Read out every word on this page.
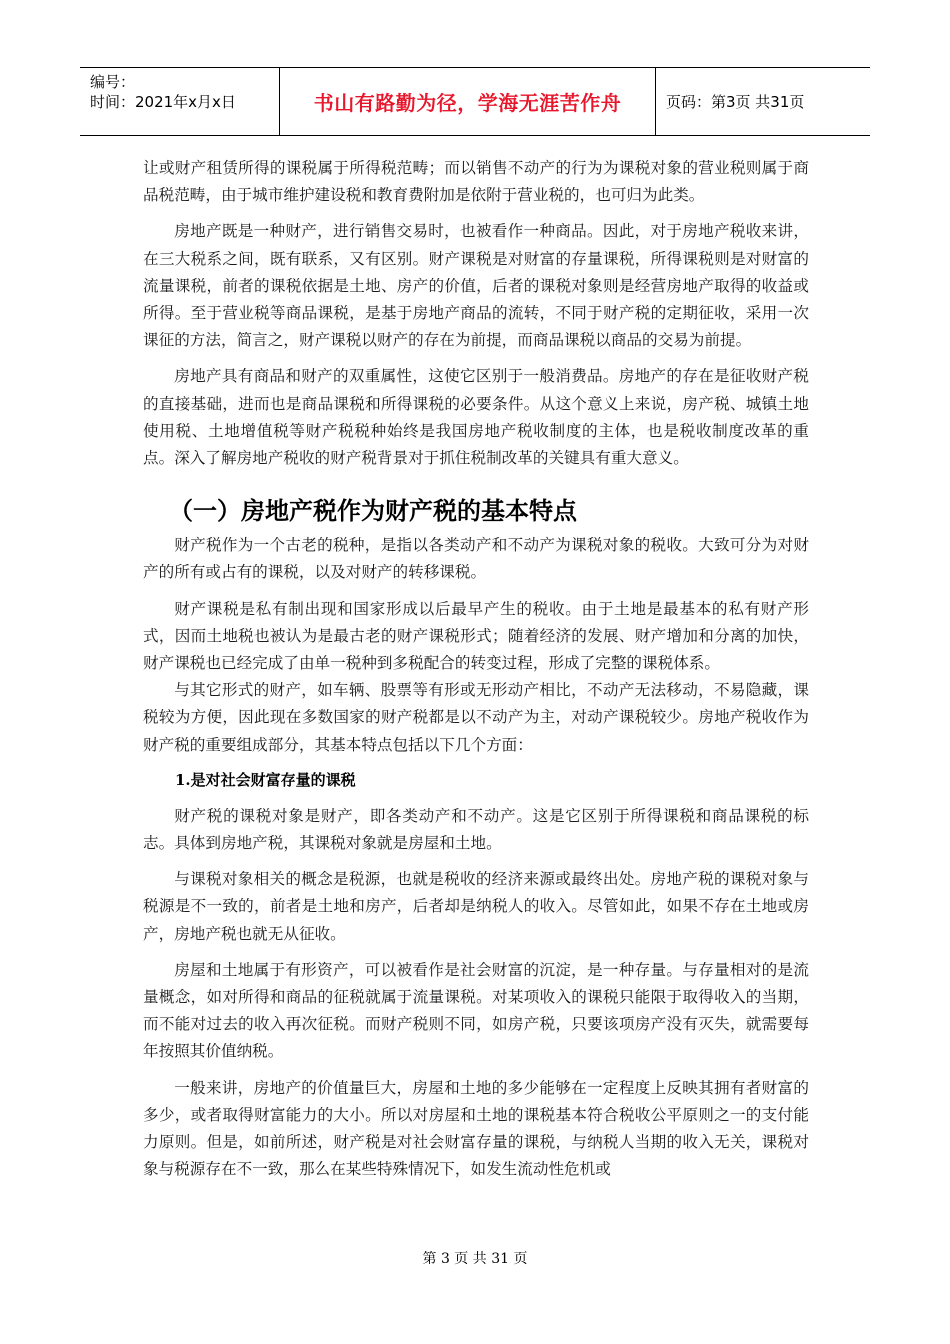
编号：
时间：2021年x月x日	书山有路勤为径，学海无涯苦作舟	页码：第3页 共31页

让或财产租赁所得的课税属于所得税范畴；而以销售不动产的行为为课税对象的营业税则属于商品税范畴，由于城市维护建设税和教育费附加是依附于营业税的，也可归为此类。

房地产既是一种财产，进行销售交易时，也被看作一种商品。因此，对于房地产税收来讲，在三大税系之间，既有联系，又有区别。财产课税是对财富的存量课税，所得课税则是对财富的流量课税，前者的课税依据是土地、房产的价值，后者的课税对象则是经营房地产取得的收益或所得。至于营业税等商品课税，是基于房地产商品的流转，不同于财产税的定期征收，采用一次课征的方法，简言之，财产课税以财产的存在为前提，而商品课税以商品的交易为前提。

房地产具有商品和财产的双重属性，这使它区别于一般消费品。房地产的存在是征收财产税的直接基础，进而也是商品课税和所得课税的必要条件。从这个意义上来说，房产税、城镇土地使用税、土地增值税等财产税税种始终是我国房地产税收制度的主体，也是税收制度改革的重点。深入了解房地产税收的财产税背景对于抓住税制改革的关键具有重大意义。

（一）房地产税作为财产税的基本特点

财产税作为一个古老的税种，是指以各类动产和不动产为课税对象的税收。大致可分为对财产的所有或占有的课税，以及对财产的转移课税。

财产课税是私有制出现和国家形成以后最早产生的税收。由于土地是最基本的私有财产形式，因而土地税也被认为是最古老的财产课税形式；随着经济的发展、财产增加和分离的加快，财产课税也已经完成了由单一税种到多税配合的转变过程，形成了完整的课税体系。

与其它形式的财产，如车辆、股票等有形或无形动产相比，不动产无法移动，不易隐藏，课税较为方便，因此现在多数国家的财产税都是以不动产为主，对动产课税较少。房地产税收作为财产税的重要组成部分，其基本特点包括以下几个方面：

1.是对社会财富存量的课税

财产税的课税对象是财产，即各类动产和不动产。这是它区别于所得课税和商品课税的标志。具体到房地产税，其课税对象就是房屋和土地。

与课税对象相关的概念是税源，也就是税收的经济来源或最终出处。房地产税的课税对象与税源是不一致的，前者是土地和房产，后者却是纳税人的收入。尽管如此，如果不存在土地或房产，房地产税也就无从征收。

房屋和土地属于有形资产，可以被看作是社会财富的沉淀，是一种存量。与存量相对的是流量概念，如对所得和商品的征税就属于流量课税。对某项收入的课税只能限于取得收入的当期，而不能对过去的收入再次征税。而财产税则不同，如房产税，只要该项房产没有灭失，就需要每年按照其价值纳税。

一般来讲，房地产的价值量巨大，房屋和土地的多少能够在一定程度上反映其拥有者财富的多少，或者取得财富能力的大小。所以对房屋和土地的课税基本符合税收公平原则之一的支付能力原则。但是，如前所述，财产税是对社会财富存量的课税，与纳税人当期的收入无关，课税对象与税源存在不一致，那么在某些特殊情况下，如发生流动性危机或

第 3 页 共 31 页
